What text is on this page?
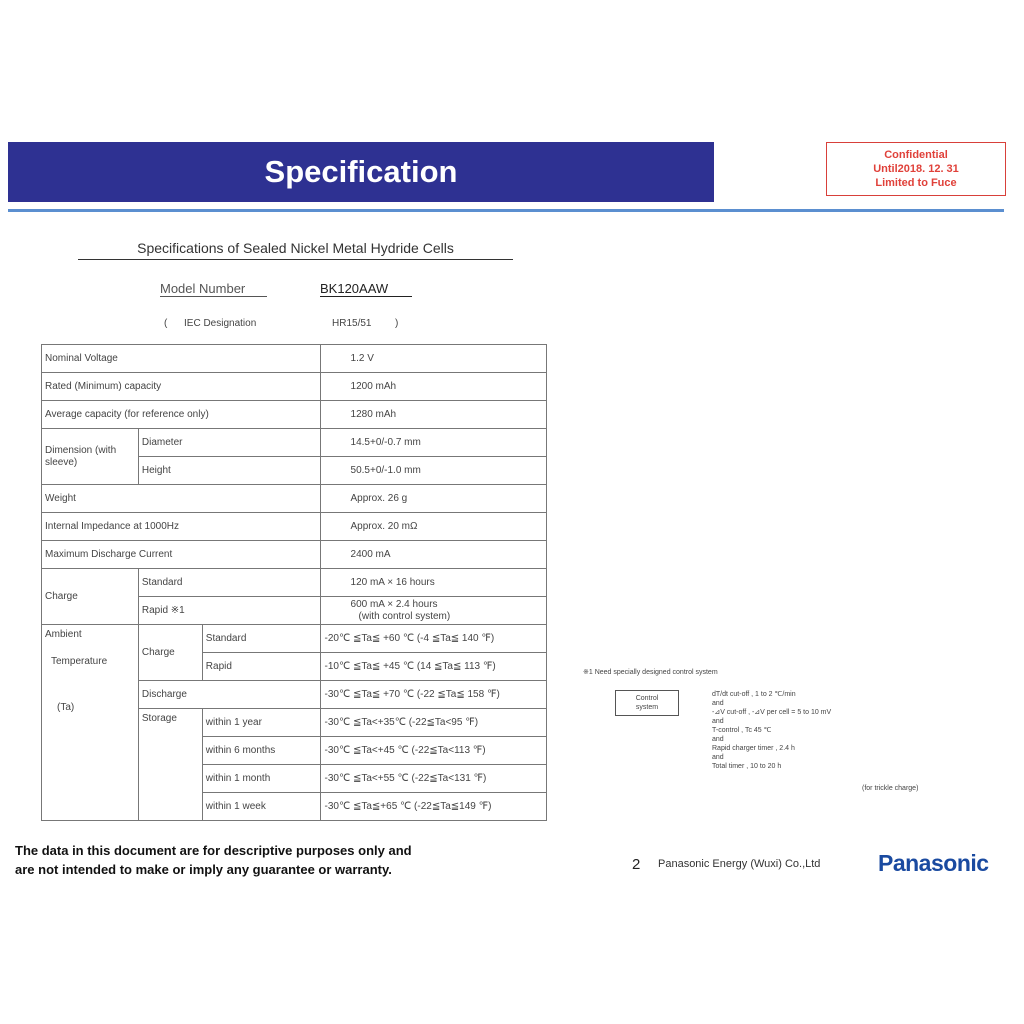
Specification	Confidential
Until2018. 12. 31
Limited to Fuce
Specifications of Sealed Nickel Metal Hydride Cells
Model Number	BK120AAW
( IEC Designation	HR15/51 )
Nominal Voltage			1.2 V
Rated (Minimum) capacity			1200 mAh
Average capacity (for reference only)			1280 mAh
Dimension (with sleeve)	Diameter		14.5+0/-0.7 mm
	Height		50.5+0/-1.0 mm
Weight			Approx. 26 g
Internal Impedance at 1000Hz			Approx. 20 mΩ
Maximum Discharge Current			2400 mA
Charge	Standard		120 mA × 16 hours
	Rapid ※1		600 mA × 2.4 hours
(with control system)

Ambient
Temperature
(Ta)	Charge	Standard	-20℃ ≦Ta≦ +60 ℃ (-4 ≦Ta≦ 140 ℉)
		Rapid	-10℃ ≦Ta≦ +45 ℃ (14 ≦Ta≦ 113 ℉)
	Discharge		-30℃ ≦Ta≦ +70 ℃ (-22 ≦Ta≦ 158 ℉)
	Storage	within 1 year	-30℃ ≦Ta<+35℃ (-22≦Ta<95 ℉)
		within 6 months	-30℃ ≦Ta<+45 ℃ (-22≦Ta<113 ℉)
		within 1 month	-30℃ ≦Ta<+55 ℃ (-22≦Ta<131 ℉)
		within 1 week	-30℃ ≦Ta≦+65 ℃ (-22≦Ta≦149 ℉)
※1 Need specially designed control system
Control
system
dT/dt cut-off , 1 to 2 ℃/min
and
-⊿V cut-off , -⊿V per cell = 5 to 10 mV
and
T-control , Tc 45 ℃
and
Rapid charger timer , 2.4 h
and
Total timer , 10 to 20 h
(for trickle charge)
The data in this document are for descriptive purposes only and
are not intended to make or imply any guarantee or warranty.	2 Panasonic Energy (Wuxi) Co.,Ltd	Panasonic
